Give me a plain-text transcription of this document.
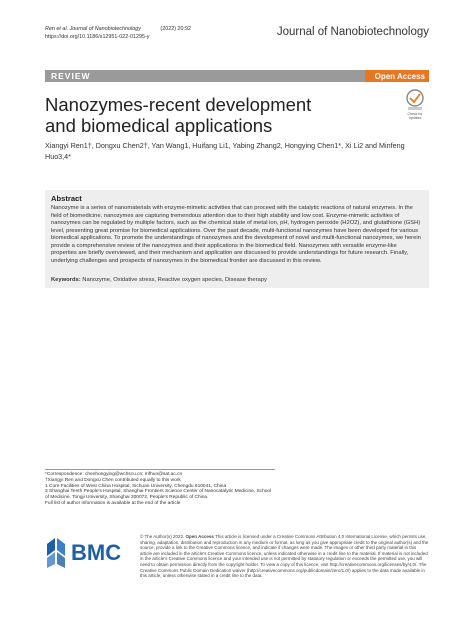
Ren et al. Journal of Nanobiotechnology	(2022) 20:92
https://doi.org/10.1186/s12951-022-01295-y	Journal of Nanobiotechnology
REVIEW	Open Access
Nanozymes-recent development
and biomedical applications
Check for updates
Xiangyi Ren1†, Dongxu Chen2†, Yan Wang1, Huifang Li1, Yabing Zhang2, Hongying Chen1*, Xi Li2 and Minfeng Huo3,4*
Abstract
Nanozyme is a series of nanomaterials with enzyme-mimetic activities that can proceed with the catalytic reactions of natural enzymes. In the field of biomedicine, nanozymes are capturing tremendous attention due to their high stability and low cost. Enzyme-mimetic activities of nanozymes can be regulated by multiple factors, such as the chemical state of metal ion, pH, hydrogen peroxide (H2O2), and glutathione (GSH) level, presenting great promise for biomedical applications. Over the past decade, multi-functional nanozymes have been developed for various biomedical applications. To promote the understandings of nanozymes and the development of novel and multi-functional nanozymes, we herein provide a comprehensive review of the nanozymes and their applications in the biomedical field. Nanozymes with versatile enzyme-like properties are briefly overviewed, and their mechanism and application are discussed to provide understandings for future research. Finally, underlying challenges and prospects of nanozymes in the biomedical frontier are discussed in this review.
Keywords: Nanozyme, Oxidative stress, Reactive oxygen species, Disease therapy
*Correspondence: chenhongying@wchscu.cn; mfhuo@sat.ac.cn
†Xiangyi Ren and Dongxu Chen contributed equally to this work
1 Core Facilities of West China Hospital, Sichuan University, Chengdu 610041, China
3 Shanghai Tenth People's Hospital, Shanghai Frontiers Science Center of Nanocatalytic Medicine, School of Medicine, Tongji University, Shanghai 200072, People's Republic of China
Full list of author information is available at the end of the article
BMC
© The Author(s) 2022. Open Access This article is licensed under a Creative Commons Attribution 4.0 International License, which permits use, sharing, adaptation, distribution and reproduction in any medium or format, as long as you give appropriate credit to the original author(s) and the source, provide a link to the Creative Commons licence, and indicate if changes were made. The images or other third party material in this article are included in the article's Creative Commons licence, unless indicated otherwise in a credit line to the material. If material is not included in the article's Creative Commons licence and your intended use is not permitted by statutory regulation or exceeds the permitted use, you will need to obtain permission directly from the copyright holder. To view a copy of this licence, visit http://creativecommons.org/licenses/by/4.0/. The Creative Commons Public Domain Dedication waiver (http://creativecommons.org/publicdomain/zero/1.0/) applies to the data made available in this article, unless otherwise stated in a credit line to the data.
